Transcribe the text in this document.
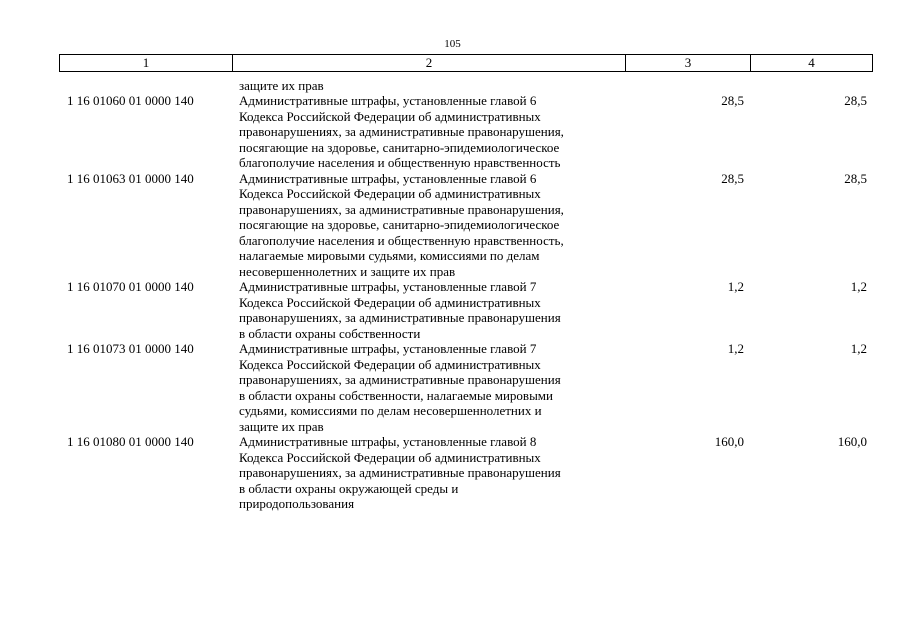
105
1	2	3	4
защите их прав
1 16 01060 01 0000 140	Административные штрафы, установленные главой 6
Кодекса Российской Федерации об административных
правонарушениях, за административные правонарушения,
посягающие на здоровье, санитарно-эпидемиологическое
благополучие населения и общественную нравственность
28,5	28,5
1 16 01063 01 0000 140	Административные штрафы, установленные главой 6
Кодекса Российской Федерации об административных
правонарушениях, за административные правонарушения,
посягающие на здоровье, санитарно-эпидемиологическое
благополучие населения и общественную нравственность,
налагаемые мировыми судьями, комиссиями по делам
несовершеннолетних и защите их прав
28,5	28,5
1 16 01070 01 0000 140	Административные штрафы, установленные главой 7
Кодекса Российской Федерации об административных
правонарушениях, за административные правонарушения
в области охраны собственности
1,2	1,2
1 16 01073 01 0000 140	Административные штрафы, установленные главой 7
Кодекса Российской Федерации об административных
правонарушениях, за административные правонарушения
в области охраны собственности, налагаемые мировыми
судьями, комиссиями по делам несовершеннолетних и
защите их прав
1,2	1,2
1 16 01080 01 0000 140	Административные штрафы, установленные главой 8
Кодекса Российской Федерации об административных
правонарушениях, за административные правонарушения
в области охраны окружающей среды и
природопользования
160,0	160,0
